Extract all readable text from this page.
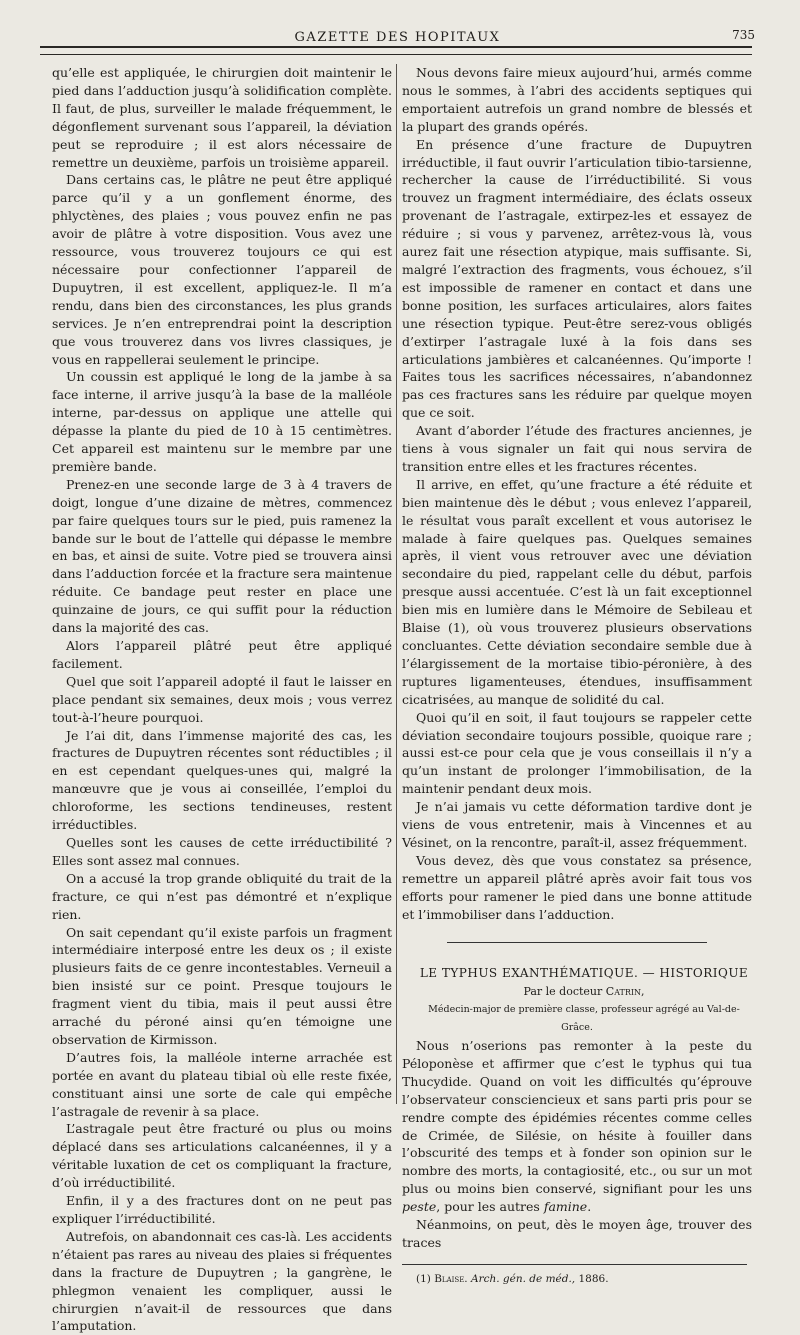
GAZETTE DES HOPITAUX	735

qu’elle est appliquée, le chirurgien doit maintenir le pied dans l’adduction jusqu’à solidification complète. Il faut, de plus, surveiller le malade fréquemment, le dégonflement survenant sous l’appareil, la déviation peut se reproduire ; il est alors nécessaire de remettre un deuxième, parfois un troisième appareil.

Dans certains cas, le plâtre ne peut être appliqué parce qu’il y a un gonflement énorme, des phlyctènes, des plaies ; vous pouvez enfin ne pas avoir de plâtre à votre disposition. Vous avez une ressource, vous trouverez toujours ce qui est nécessaire pour confectionner l’appareil de Dupuytren, il est excellent, appliquez-le. Il m’a rendu, dans bien des circonstances, les plus grands services. Je n’en entreprendrai point la description que vous trouverez dans vos livres classiques, je vous en rappellerai seulement le principe.

Un coussin est appliqué le long de la jambe à sa face interne, il arrive jusqu’à la base de la malléole interne, par-dessus on applique une attelle qui dépasse la plante du pied de 10 à 15 centimètres. Cet appareil est maintenu sur le membre par une première bande.

Prenez-en une seconde large de 3 à 4 travers de doigt, longue d’une dizaine de mètres, commencez par faire quelques tours sur le pied, puis ramenez la bande sur le bout de l’attelle qui dépasse le membre en bas, et ainsi de suite. Votre pied se trouvera ainsi dans l’adduction forcée et la fracture sera maintenue réduite. Ce bandage peut rester en place une quinzaine de jours, ce qui suffit pour la réduction dans la majorité des cas.

Alors l’appareil plâtré peut être appliqué facilement.

Quel que soit l’appareil adopté il faut le laisser en place pendant six semaines, deux mois ; vous verrez tout-à-l’heure pourquoi.

Je l’ai dit, dans l’immense majorité des cas, les fractures de Dupuytren récentes sont réductibles ; il en est cependant quelques-unes qui, malgré la manœuvre que je vous ai conseillée, l’emploi du chloroforme, les sections tendineuses, restent irréductibles.

Quelles sont les causes de cette irréductibilité ? Elles sont assez mal connues.

On a accusé la trop grande obliquité du trait de la fracture, ce qui n’est pas démontré et n’explique rien.

On sait cependant qu’il existe parfois un fragment intermédiaire interposé entre les deux os ; il existe plusieurs faits de ce genre incontestables. Verneuil a bien insisté sur ce point. Presque toujours le fragment vient du tibia, mais il peut aussi être arraché du péroné ainsi qu’en témoigne une observation de Kirmisson.

D’autres fois, la malléole interne arrachée est portée en avant du plateau tibial où elle reste fixée, constituant ainsi une sorte de cale qui empêche l’astragale de revenir à sa place.

L’astragale peut être fracturé ou plus ou moins déplacé dans ses articulations calcanéennes, il y a véritable luxation de cet os compliquant la fracture, d’où irréductibilité.

Enfin, il y a des fractures dont on ne peut pas expliquer l’irréductibilité.

Autrefois, on abandonnait ces cas-là. Les accidents n’étaient pas rares au niveau des plaies si fréquentes dans la fracture de Dupuytren ; la gangrène, le phlegmon venaient les compliquer, aussi le chirurgien n’avait-il de ressources que dans l’amputation.

Nous devons faire mieux aujourd’hui, armés comme nous le sommes, à l’abri des accidents septiques qui emportaient autrefois un grand nombre de blessés et la plupart des grands opérés.

En présence d’une fracture de Dupuytren irréductible, il faut ouvrir l’articulation tibio-tarsienne, rechercher la cause de l’irréductibilité. Si vous trouvez un fragment intermédiaire, des éclats osseux provenant de l’astragale, extirpez-les et essayez de réduire ; si vous y parvenez, arrêtez-vous là, vous aurez fait une résection atypique, mais suffisante. Si, malgré l’extraction des fragments, vous échouez, s’il est impossible de ramener en contact et dans une bonne position, les surfaces articulaires, alors faites une résection typique. Peut-être serez-vous obligés d’extirper l’astragale luxé à la fois dans ses articulations jambières et calcanéennes. Qu’importe ! Faites tous les sacrifices nécessaires, n’abandonnez pas ces fractures sans les réduire par quelque moyen que ce soit.

Avant d’aborder l’étude des fractures anciennes, je tiens à vous signaler un fait qui nous servira de transition entre elles et les fractures récentes.

Il arrive, en effet, qu’une fracture a été réduite et bien maintenue dès le début ; vous enlevez l’appareil, le résultat vous paraît excellent et vous autorisez le malade à faire quelques pas. Quelques semaines après, il vient vous retrouver avec une déviation secondaire du pied, rappelant celle du début, parfois presque aussi accentuée. C’est là un fait exceptionnel bien mis en lumière dans le Mémoire de Sebileau et Blaise (1), où vous trouverez plusieurs observations concluantes. Cette déviation secondaire semble due à l’élargissement de la mortaise tibio-péronière, à des ruptures ligamenteuses, étendues, insuffisamment cicatrisées, au manque de solidité du cal.

Quoi qu’il en soit, il faut toujours se rappeler cette déviation secondaire toujours possible, quoique rare ; aussi est-ce pour cela que je vous conseillais il n’y a qu’un instant de prolonger l’immobilisation, de la maintenir pendant deux mois.

Je n’ai jamais vu cette déformation tardive dont je viens de vous entretenir, mais à Vincennes et au Vésinet, on la rencontre, paraît-il, assez fréquemment.

Vous devez, dès que vous constatez sa présence, remettre un appareil plâtré après avoir fait tous vos efforts pour ramener le pied dans une bonne attitude et l’immobiliser dans l’adduction.

LE TYPHUS EXANTHÉMATIQUE. — HISTORIQUE

Par le docteur Catrin,

Médecin-major de première classe, professeur agrégé au Val-de-Grâce.

Nous n’oserions pas remonter à la peste du Péloponèse et affirmer que c’est le typhus qui tua Thucydide. Quand on voit les difficultés qu’éprouve l’observateur consciencieux et sans parti pris pour se rendre compte des épidémies récentes comme celles de Crimée, de Silésie, on hésite à fouiller dans l’obscurité des temps et à fonder son opinion sur le nombre des morts, la contagiosité, etc., ou sur un mot plus ou moins bien conservé, signifiant pour les uns peste, pour les autres famine.

Néanmoins, on peut, dès le moyen âge, trouver des traces

(1) Blaise. Arch. gén. de méd., 1886.
